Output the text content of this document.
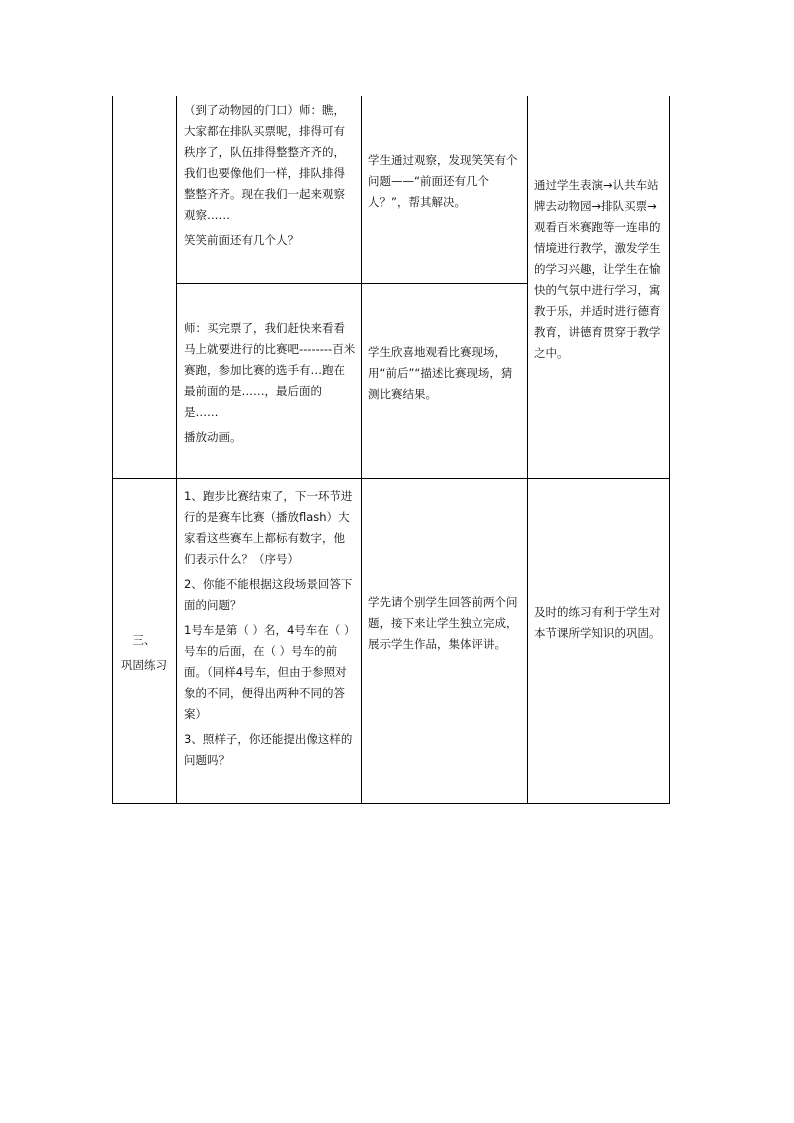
（到了动物园的门口）师：瞧，大家都在排队买票呢，排得可有秩序了，队伍排得整整齐齐的，我们也要像他们一样，排队排得整整齐齐。现在我们一起来观察观察……

笑笑前面还有几个人？

学生通过观察，发现笑笑有个问题——“前面还有几个人？”，帮其解决。

通过学生表演→认共车站牌去动物园→排队买票→观看百米赛跑等一连串的情境进行教学，激发学生的学习兴趣，让学生在愉快的气氛中进行学习，寓教于乐，并适时进行德育教育，讲德育贯穿于教学之中。

师：买完票了，我们赶快来看看马上就要进行的比赛吧--------百米赛跑，参加比赛的选手有…跑在最前面的是……，最后面的是……

播放动画。

学生欣喜地观看比赛现场，用“前后”“描述比赛现场，猜测比赛结果。

三、

巩固练习

1、跑步比赛结束了，下一环节进行的是赛车比赛（播放flash）大家看这些赛车上都标有数字，他们表示什么？（序号）

2、你能不能根据这段场景回答下面的问题？

1号车是第（ ）名，4号车在（ ）号车的后面，在（ ）号车的前面。（同样4号车，但由于参照对象的不同，便得出两种不同的答案）

3、照样子，你还能提出像这样的问题吗？

学先请个别学生回答前两个问题，接下来让学生独立完成，展示学生作品，集体评讲。

及时的练习有利于学生对本节课所学知识的巩固。
